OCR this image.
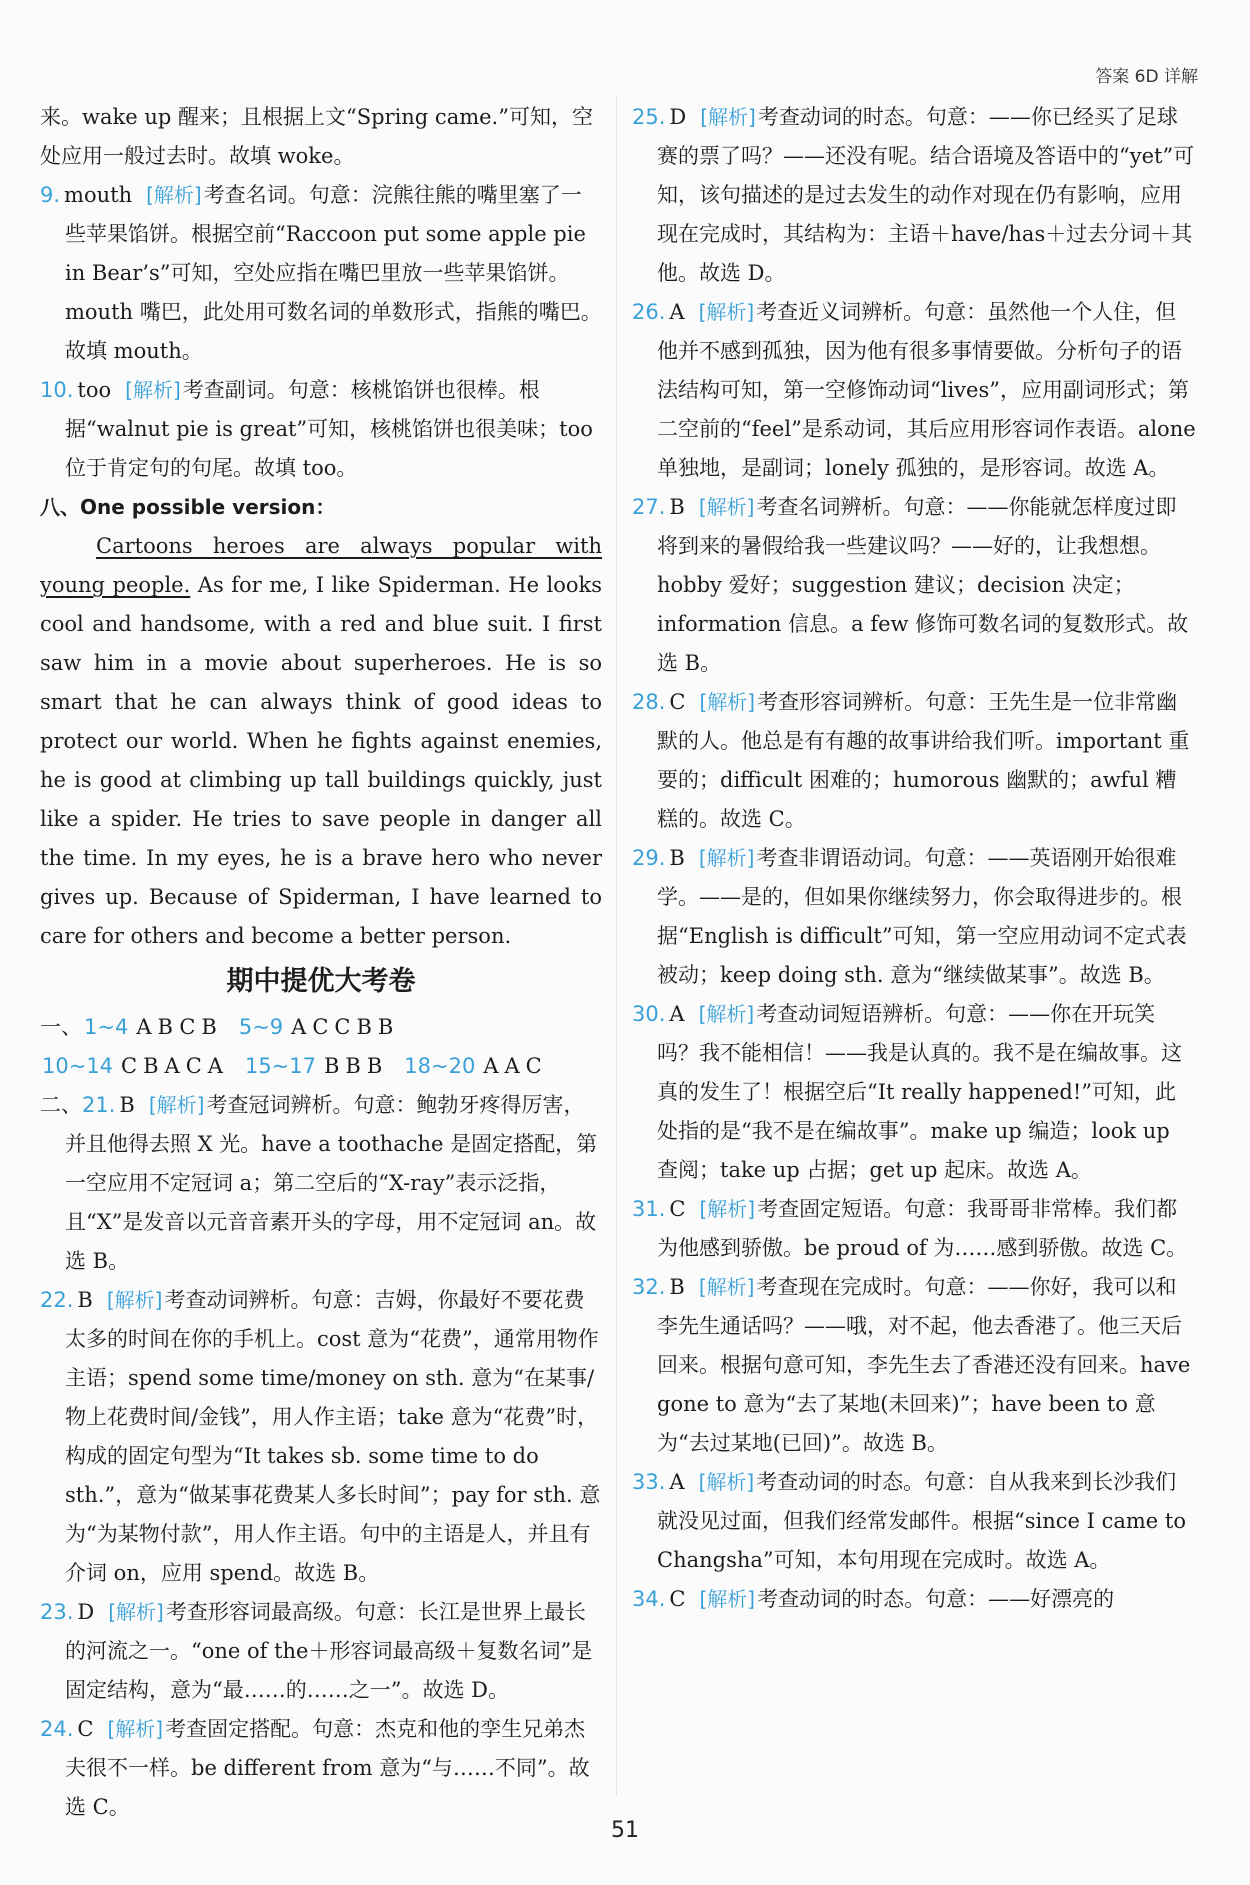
答案 6D 详解

来。wake up 醒来；且根据上文“Spring came.”可知，空处应用一般过去时。故填 woke。

9. mouth [解析]考查名词。句意：浣熊往熊的嘴里塞了一些苹果馅饼。根据空前“Raccoon put some apple pie in Bear’s”可知，空处应指在嘴巴里放一些苹果馅饼。mouth 嘴巴，此处用可数名词的单数形式，指熊的嘴巴。故填 mouth。

10. too [解析]考查副词。句意：核桃馅饼也很棒。根据“walnut pie is great”可知，核桃馅饼也很美味；too 位于肯定句的句尾。故填 too。

八、One possible version：

Cartoons heroes are always popular with young people. As for me, I like Spiderman. He looks cool and handsome, with a red and blue suit. I first saw him in a movie about superheroes. He is so smart that he can always think of good ideas to protect our world. When he fights against enemies, he is good at climbing up tall buildings quickly, just like a spider. He tries to save people in danger all the time. In my eyes, he is a brave hero who never gives up. Because of Spiderman, I have learned to care for others and become a better person.

期中提优大考卷

一、1~4 ABCB 5~9 ACCBB

10~14 CBACA 15~17 BBB 18~20 AAC

二、21. B [解析]考查冠词辨析。句意：鲍勃牙疼得厉害，并且他得去照 X 光。have a toothache 是固定搭配，第一空应用不定冠词 a；第二空后的“X-ray”表示泛指，且“X”是发音以元音音素开头的字母，用不定冠词 an。故选 B。

22. B [解析]考查动词辨析。句意：吉姆，你最好不要花费太多的时间在你的手机上。cost 意为“花费”，通常用物作主语；spend some time/money on sth. 意为“在某事/物上花费时间/金钱”，用人作主语；take 意为“花费”时，构成的固定句型为“It takes sb. some time to do sth.”，意为“做某事花费某人多长时间”；pay for sth. 意为“为某物付款”，用人作主语。句中的主语是人，并且有介词 on，应用 spend。故选 B。

23. D [解析]考查形容词最高级。句意：长江是世界上最长的河流之一。“one of the＋形容词最高级＋复数名词”是固定结构，意为“最……的……之一”。故选 D。

24. C [解析]考查固定搭配。句意：杰克和他的孪生兄弟杰夫很不一样。be different from 意为“与……不同”。故选 C。

25. D [解析]考查动词的时态。句意：——你已经买了足球赛的票了吗？——还没有呢。结合语境及答语中的“yet”可知，该句描述的是过去发生的动作对现在仍有影响，应用现在完成时，其结构为：主语＋have/has＋过去分词＋其他。故选 D。

26. A [解析]考查近义词辨析。句意：虽然他一个人住，但他并不感到孤独，因为他有很多事情要做。分析句子的语法结构可知，第一空修饰动词“lives”，应用副词形式；第二空前的“feel”是系动词，其后应用形容词作表语。alone 单独地，是副词；lonely 孤独的，是形容词。故选 A。

27. B [解析]考查名词辨析。句意：——你能就怎样度过即将到来的暑假给我一些建议吗？——好的，让我想想。hobby 爱好；suggestion 建议；decision 决定；information 信息。a few 修饰可数名词的复数形式。故选 B。

28. C [解析]考查形容词辨析。句意：王先生是一位非常幽默的人。他总是有有趣的故事讲给我们听。important 重要的；difficult 困难的；humorous 幽默的；awful 糟糕的。故选 C。

29. B [解析]考查非谓语动词。句意：——英语刚开始很难学。——是的，但如果你继续努力，你会取得进步的。根据“English is difficult”可知，第一空应用动词不定式表被动；keep doing sth. 意为“继续做某事”。故选 B。

30. A [解析]考查动词短语辨析。句意：——你在开玩笑吗？我不能相信！——我是认真的。我不是在编故事。这真的发生了！根据空后“It really happened!”可知，此处指的是“我不是在编故事”。make up 编造；look up 查阅；take up 占据；get up 起床。故选 A。

31. C [解析]考查固定短语。句意：我哥哥非常棒。我们都为他感到骄傲。be proud of 为……感到骄傲。故选 C。

32. B [解析]考查现在完成时。句意：——你好，我可以和李先生通话吗？——哦，对不起，他去香港了。他三天后回来。根据句意可知，李先生去了香港还没有回来。have gone to 意为“去了某地(未回来)”；have been to 意为“去过某地(已回)”。故选 B。

33. A [解析]考查动词的时态。句意：自从我来到长沙我们就没见过面，但我们经常发邮件。根据“since I came to Changsha”可知，本句用现在完成时。故选 A。

34. C [解析]考查动词的时态。句意：——好漂亮的

51
